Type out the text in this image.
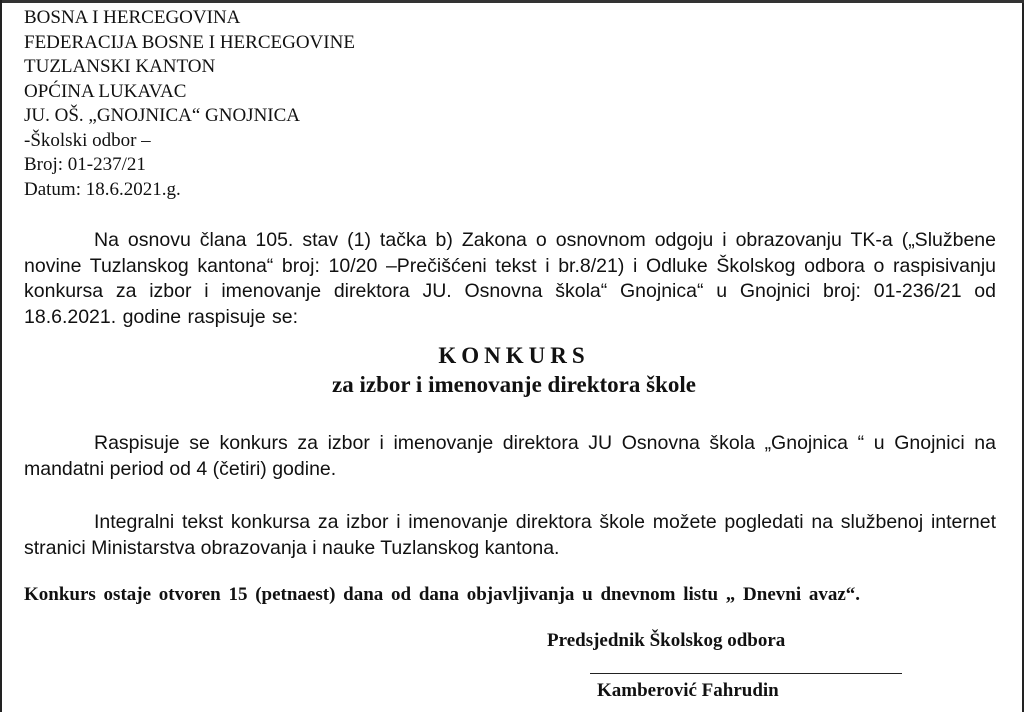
BOSNA I HERCEGOVINA
FEDERACIJA BOSNE I HERCEGOVINE
TUZLANSKI KANTON
OPĆINA LUKAVAC
JU. OŠ. „GNOJNICA“ GNOJNICA
-Školski odbor –
Broj: 01-237/21
Datum: 18.6.2021.g.
Na osnovu člana 105. stav (1) tačka b) Zakona o osnovnom odgoju i obrazovanju TK-a („Službene novine Tuzlanskog kantona“ broj: 10/20 –Prečišćeni tekst i br.8/21) i Odluke Školskog odbora o raspisivanju konkursa za izbor i imenovanje direktora JU. Osnovna škola“ Gnojnica“ u Gnojnici broj: 01-236/21 od 18.6.2021. godine raspisuje se:
KONKURS
za izbor i imenovanje direktora škole
Raspisuje se konkurs za izbor i imenovanje direktora JU Osnovna škola „Gnojnica “ u Gnojnici na mandatni period od 4 (četiri) godine.
Integralni tekst konkursa za izbor i imenovanje direktora škole možete pogledati na službenoj internet stranici Ministarstva obrazovanja i nauke Tuzlanskog kantona.
Konkurs ostaje otvoren 15 (petnaest) dana od dana objavljivanja u dnevnom listu „ Dnevni avaz“.
Predsjednik Školskog odbora
Kamberović Fahrudin
